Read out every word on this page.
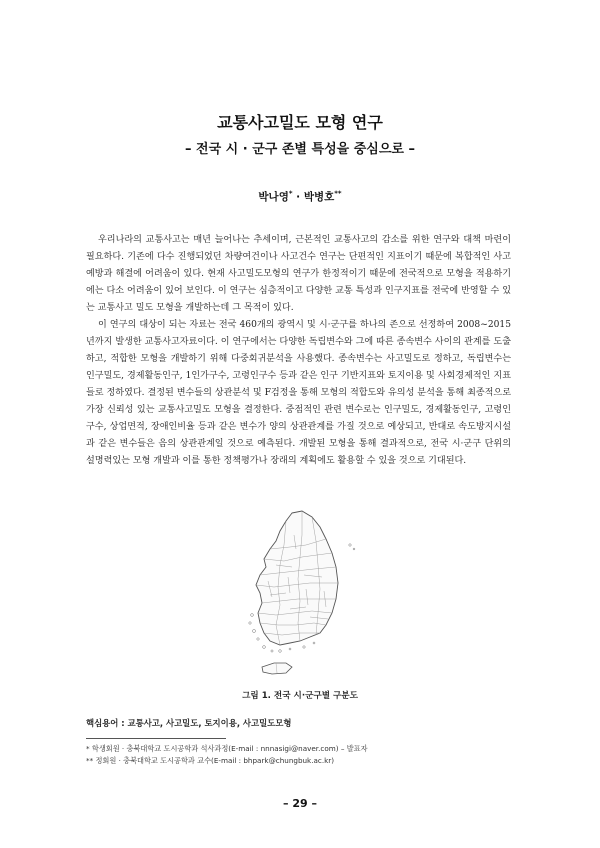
교통사고밀도 모형 연구
– 전국 시 · 군구 존별 특성을 중심으로 –
박나영* · 박병호**

우리나라의 교통사고는 매년 늘어나는 추세이며, 근본적인 교통사고의 감소를 위한 연구와 대책 마련이 필요하다. 기존에 다수 진행되었던 차량여건이나 사고건수 연구는 단편적인 지표이기 때문에 복합적인 사고 예방과 해결에 어려움이 있다. 현재 사고밀도모형의 연구가 한정적이기 때문에 전국적으로 모형을 적용하기에는 다소 어려움이 있어 보인다. 이 연구는 심층적이고 다양한 교통 특성과 인구지표를 전국에 반영할 수 있는 교통사고 밀도 모형을 개발하는데 그 목적이 있다.

이 연구의 대상이 되는 자료는 전국 460개의 광역시 및 시·군구를 하나의 존으로 선정하여 2008~2015년까지 발생한 교통사고자료이다. 이 연구에서는 다양한 독립변수와 그에 따른 종속변수 사이의 관계를 도출하고, 적합한 모형을 개발하기 위해 다중회귀분석을 사용했다. 종속변수는 사고밀도로 정하고, 독립변수는 인구밀도, 경제활동인구, 1인가구수, 고령인구수 등과 같은 인구 기반지표와 토지이용 및 사회경제적인 지표들로 정하였다. 결정된 변수들의 상관분석 및 F검정을 통해 모형의 적합도와 유의성 분석을 통해 최종적으로 가장 신뢰성 있는 교통사고밀도 모형을 결정한다. 중점적인 관련 변수로는 인구밀도, 경제활동인구, 고령인구수, 상업면적, 장애인비율 등과 같은 변수가 양의 상관관계를 가질 것으로 예상되고, 반대로 속도방지시설과 같은 변수들은 음의 상관관계일 것으로 예측된다. 개발된 모형을 통해 결과적으로, 전국 시·군구 단위의 설명력있는 모형 개발과 이를 통한 정책평가나 장래의 계획에도 활용할 수 있을 것으로 기대된다.

그림 1. 전국 시·군구별 구분도
핵심용어 : 교통사고, 사고밀도, 토지이용, 사고밀도모형
* 학생회원 · 충북대학교 도시공학과 석사과정(E-mail : nnnasigi@naver.com) – 발표자
** 정회원 · 충북대학교 도시공학과 교수(E-mail : bhpark@chungbuk.ac.kr)
– 29 –
